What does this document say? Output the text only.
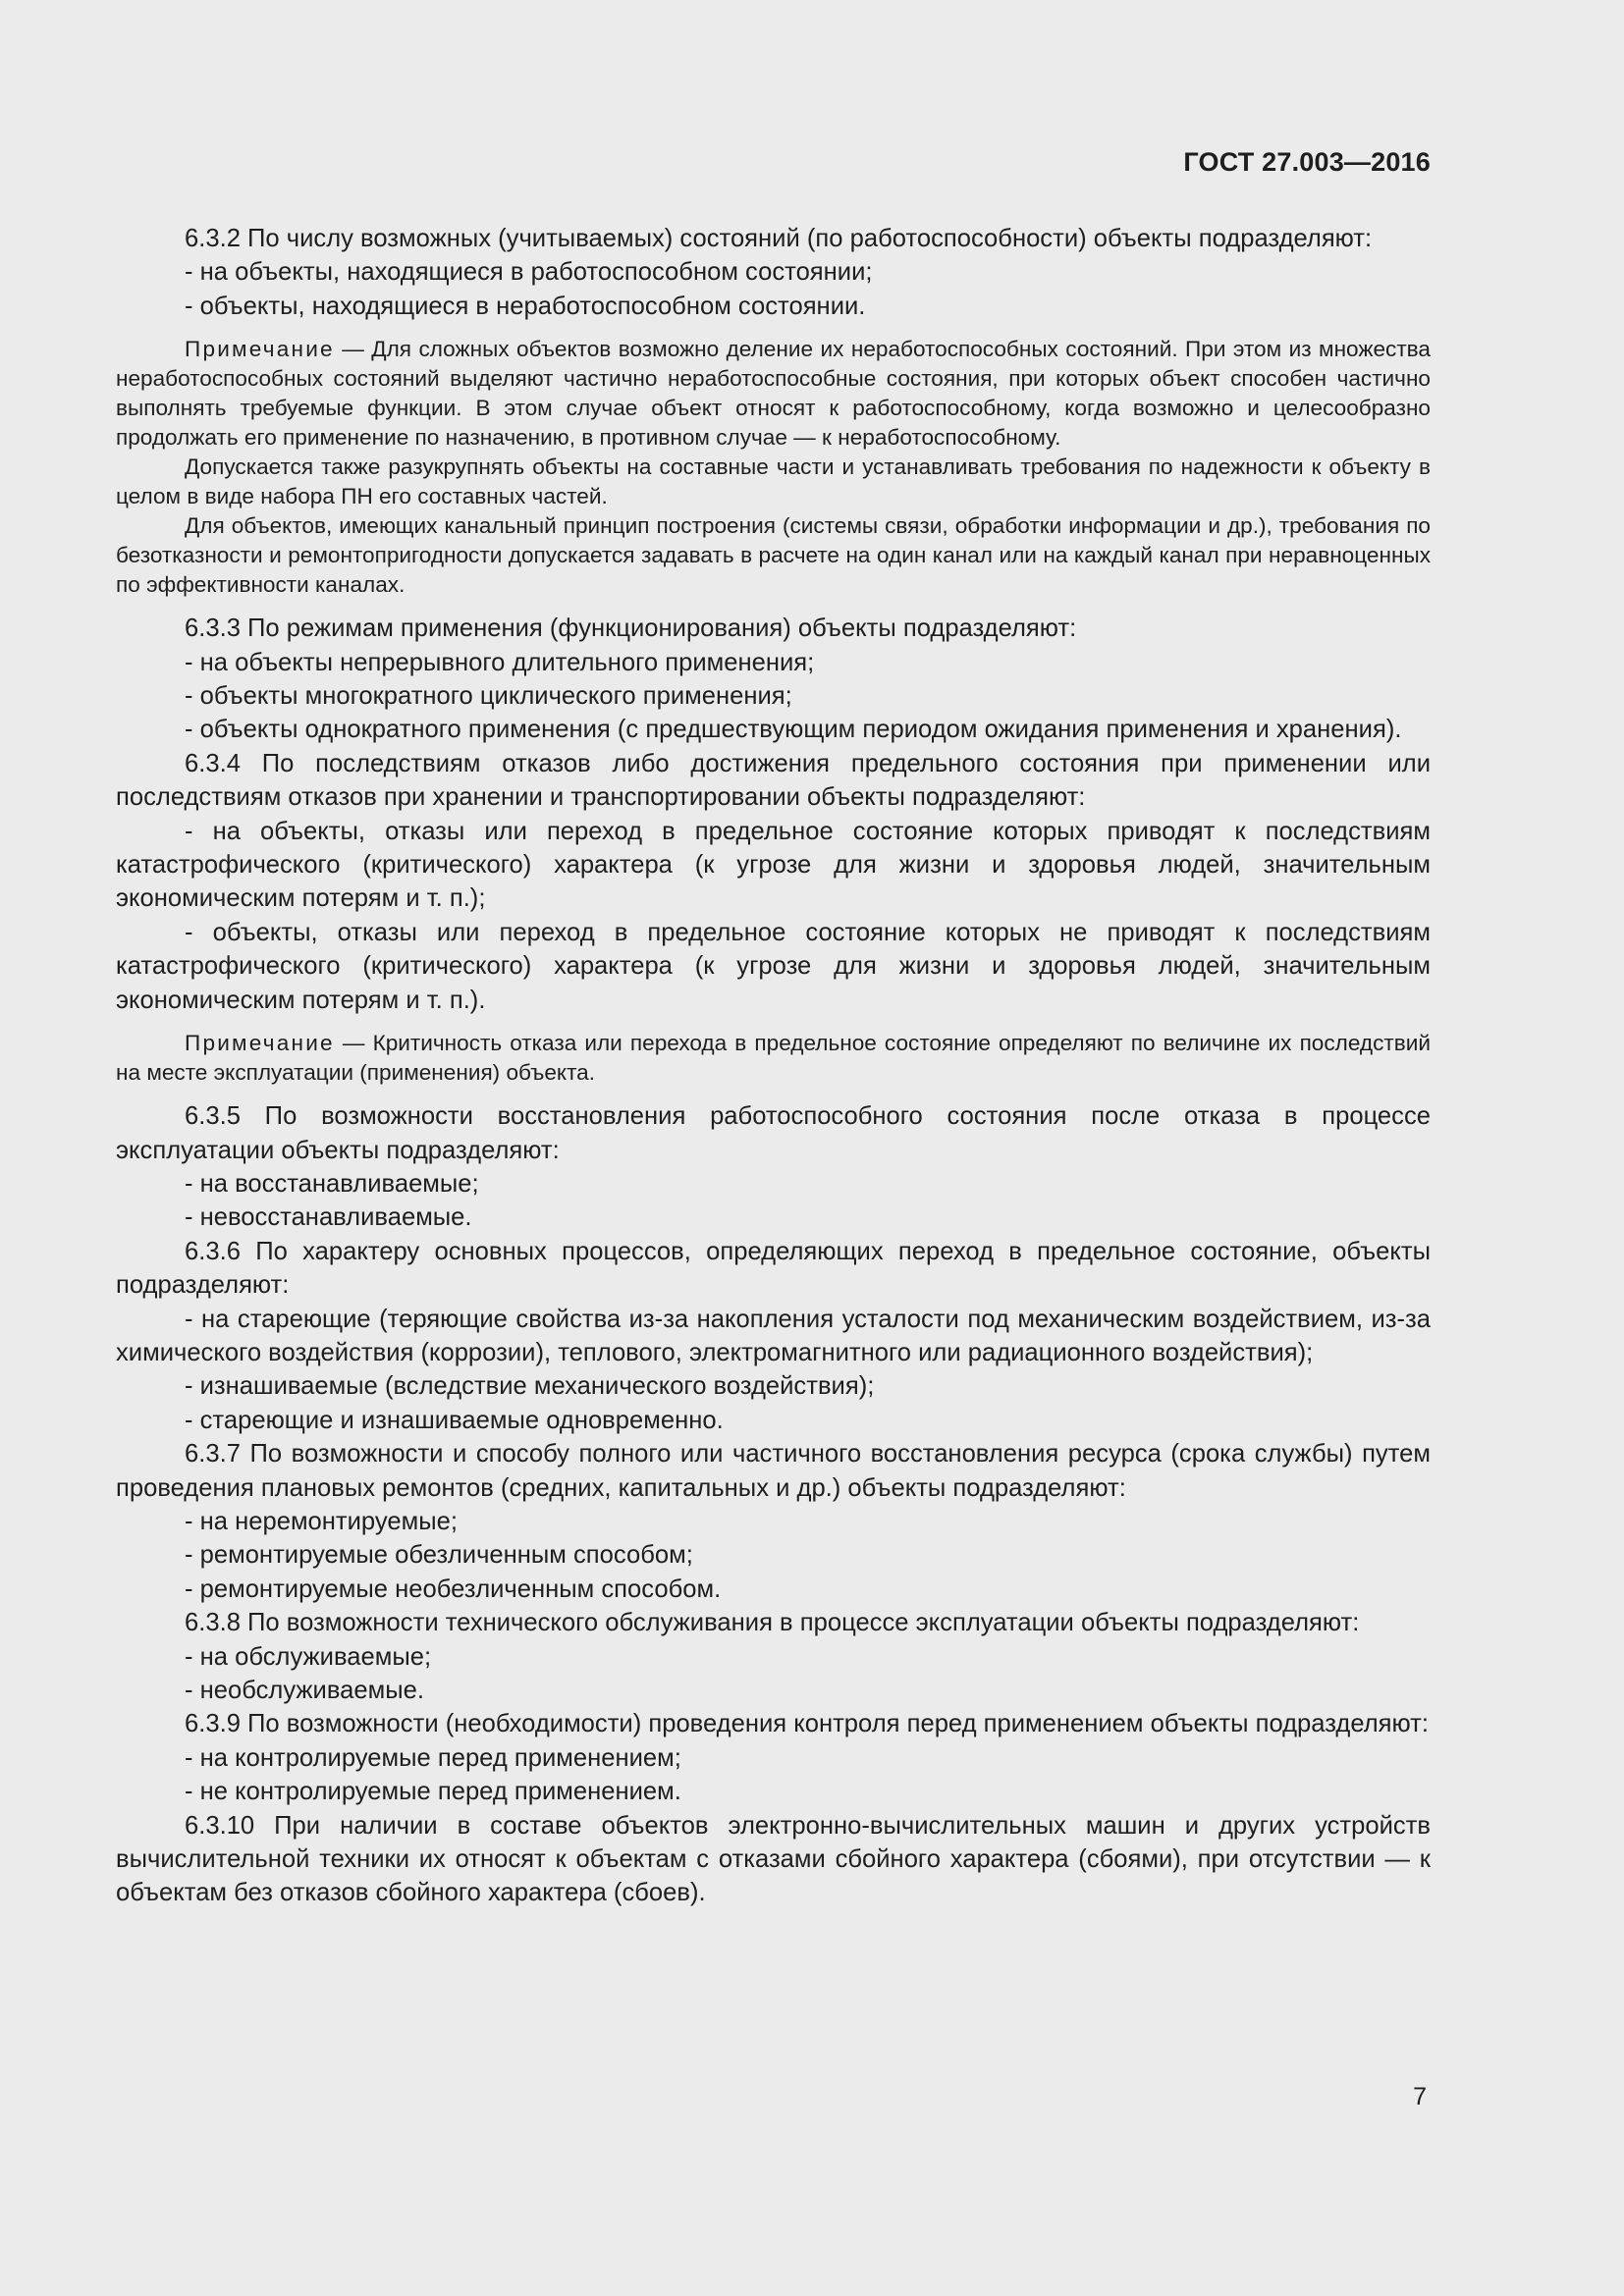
ГОСТ 27.003—2016

6.3.2 По числу возможных (учитываемых) состояний (по работоспособности) объекты подразделяют:

- на объекты, находящиеся в работоспособном состоянии;

- объекты, находящиеся в неработоспособном состоянии.

Примечание — Для сложных объектов возможно деление их неработоспособных состояний. При этом из множества неработоспособных состояний выделяют частично неработоспособные состояния, при которых объект способен частично выполнять требуемые функции. В этом случае объект относят к работоспособному, когда возможно и целесообразно продолжать его применение по назначению, в противном случае — к неработоспособному.

Допускается также разукрупнять объекты на составные части и устанавливать требования по надежности к объекту в целом в виде набора ПН его составных частей.

Для объектов, имеющих канальный принцип построения (системы связи, обработки информации и др.), требования по безотказности и ремонтопригодности допускается задавать в расчете на один канал или на каждый канал при неравноценных по эффективности каналах.

6.3.3 По режимам применения (функционирования) объекты подразделяют:

- на объекты непрерывного длительного применения;

- объекты многократного циклического применения;

- объекты однократного применения (с предшествующим периодом ожидания применения и хранения).

6.3.4 По последствиям отказов либо достижения предельного состояния при применении или последствиям отказов при хранении и транспортировании объекты подразделяют:

- на объекты, отказы или переход в предельное состояние которых приводят к последствиям катастрофического (критического) характера (к угрозе для жизни и здоровья людей, значительным экономическим потерям и т. п.);

- объекты, отказы или переход в предельное состояние которых не приводят к последствиям катастрофического (критического) характера (к угрозе для жизни и здоровья людей, значительным экономическим потерям и т. п.).

Примечание — Критичность отказа или перехода в предельное состояние определяют по величине их последствий на месте эксплуатации (применения) объекта.

6.3.5 По возможности восстановления работоспособного состояния после отказа в процессе эксплуатации объекты подразделяют:

- на восстанавливаемые;

- невосстанавливаемые.

6.3.6 По характеру основных процессов, определяющих переход в предельное состояние, объекты подразделяют:

- на стареющие (теряющие свойства из-за накопления усталости под механическим воздействием, из-за химического воздействия (коррозии), теплового, электромагнитного или радиационного воздействия);

- изнашиваемые (вследствие механического воздействия);

- стареющие и изнашиваемые одновременно.

6.3.7 По возможности и способу полного или частичного восстановления ресурса (срока службы) путем проведения плановых ремонтов (средних, капитальных и др.) объекты подразделяют:

- на неремонтируемые;

- ремонтируемые обезличенным способом;

- ремонтируемые необезличенным способом.

6.3.8 По возможности технического обслуживания в процессе эксплуатации объекты подразделяют:

- на обслуживаемые;

- необслуживаемые.

6.3.9 По возможности (необходимости) проведения контроля перед применением объекты подразделяют:

- на контролируемые перед применением;

- не контролируемые перед применением.

6.3.10 При наличии в составе объектов электронно-вычислительных машин и других устройств вычислительной техники их относят к объектам с отказами сбойного характера (сбоями), при отсутствии — к объектам без отказов сбойного характера (сбоев).

7
